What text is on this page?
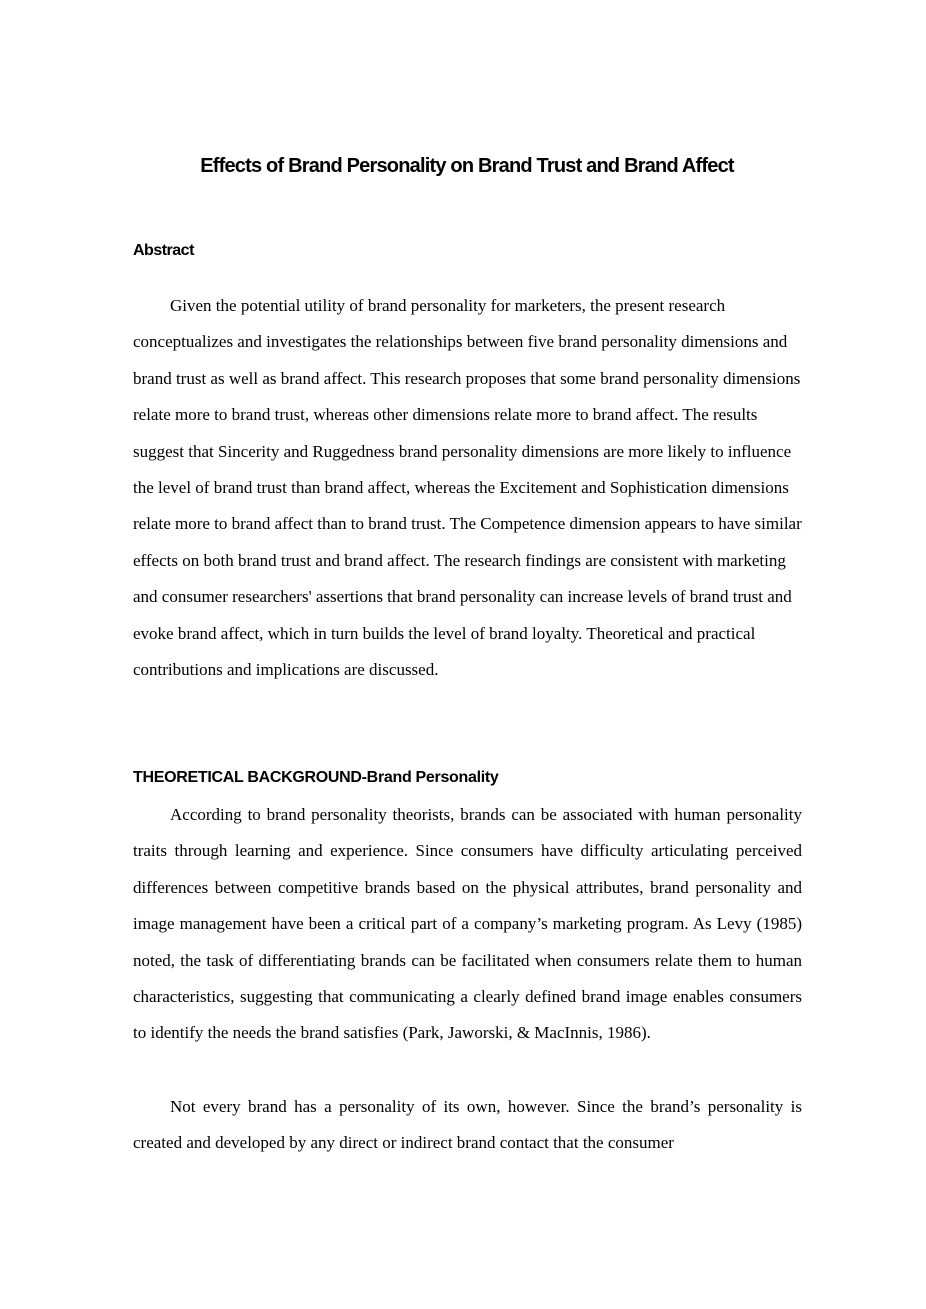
Effects of Brand Personality on Brand Trust and Brand Affect
Abstract

Given the potential utility of brand personality for marketers, the present research conceptualizes and investigates the relationships between five brand personality dimensions and brand trust as well as brand affect. This research proposes that some brand personality dimensions relate more to brand trust, whereas other dimensions relate more to brand affect. The results suggest that Sincerity and Ruggedness brand personality dimensions are more likely to influence the level of brand trust than brand affect, whereas the Excitement and Sophistication dimensions relate more to brand affect than to brand trust. The Competence dimension appears to have similar effects on both brand trust and brand affect. The research findings are consistent with marketing and consumer researchers' assertions that brand personality can increase levels of brand trust and evoke brand affect, which in turn builds the level of brand loyalty. Theoretical and practical contributions and implications are discussed.

THEORETICAL BACKGROUND-Brand Personality

According to brand personality theorists, brands can be associated with human personality traits through learning and experience. Since consumers have difficulty articulating perceived differences between competitive brands based on the physical attributes, brand personality and image management have been a critical part of a company’s marketing program. As Levy (1985) noted, the task of differentiating brands can be facilitated when consumers relate them to human characteristics, suggesting that communicating a clearly defined brand image enables consumers to identify the needs the brand satisfies (Park, Jaworski, & MacInnis, 1986).

Not every brand has a personality of its own, however. Since the brand’s personality is created and developed by any direct or indirect brand contact that the consumer
